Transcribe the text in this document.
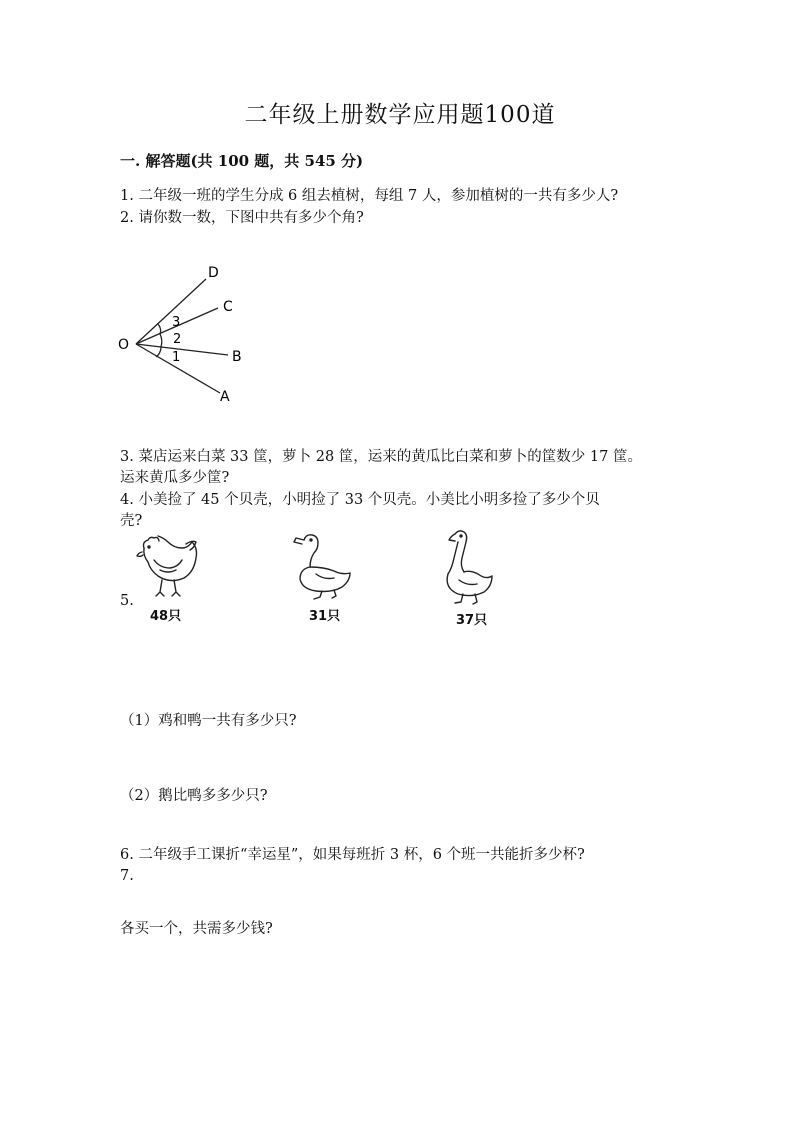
二年级上册数学应用题100道
一. 解答题(共 100 题，共 545 分)
1. 二年级一班的学生分成 6 组去植树，每组 7 人，参加植树的一共有多少人?
2. 请你数一数，下图中共有多少个角?
O
A
B
C
D
3
2
1
3. 菜店运来白菜 33 筐，萝卜 28 筐，运来的黄瓜比白菜和萝卜的筐数少 17 筐。
运来黄瓜多少筐?
4. 小美捡了 45 个贝壳，小明捡了 33 个贝壳。小美比小明多捡了多少个贝
壳?
5.
48只	31只	37只
（1）鸡和鸭一共有多少只?
（2）鹅比鸭多多少只?
6. 二年级手工课折“幸运星”，如果每班折 3 杯，6 个班一共能折多少杯?
7.
各买一个，共需多少钱?
